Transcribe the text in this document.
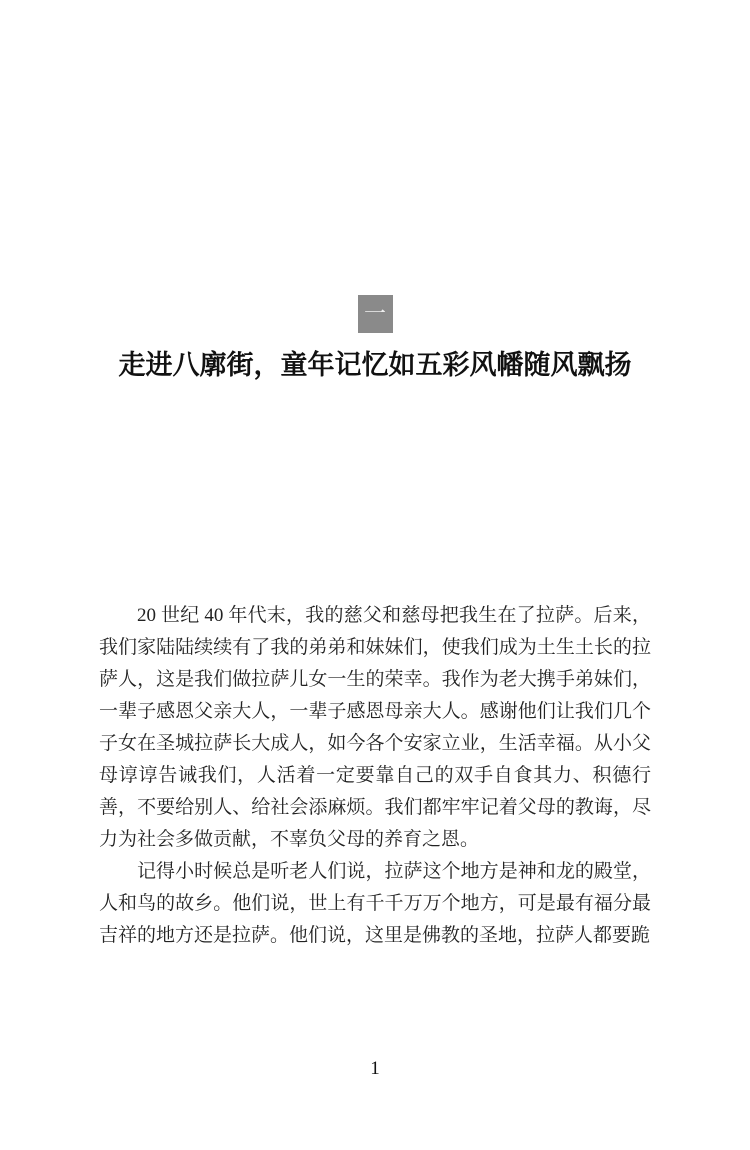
一
走进八廓街，童年记忆如五彩风幡随风飘扬

20 世纪 40 年代末，我的慈父和慈母把我生在了拉萨。后来，我们家陆陆续续有了我的弟弟和妹妹们，使我们成为土生土长的拉萨人，这是我们做拉萨儿女一生的荣幸。我作为老大携手弟妹们，一辈子感恩父亲大人，一辈子感恩母亲大人。感谢他们让我们几个子女在圣城拉萨长大成人，如今各个安家立业，生活幸福。从小父母谆谆告诫我们，人活着一定要靠自己的双手自食其力、积德行善，不要给别人、给社会添麻烦。我们都牢牢记着父母的教诲，尽力为社会多做贡献，不辜负父母的养育之恩。

记得小时候总是听老人们说，拉萨这个地方是神和龙的殿堂，人和鸟的故乡。他们说，世上有千千万万个地方，可是最有福分最吉祥的地方还是拉萨。他们说，这里是佛教的圣地，拉萨人都要跪

1
